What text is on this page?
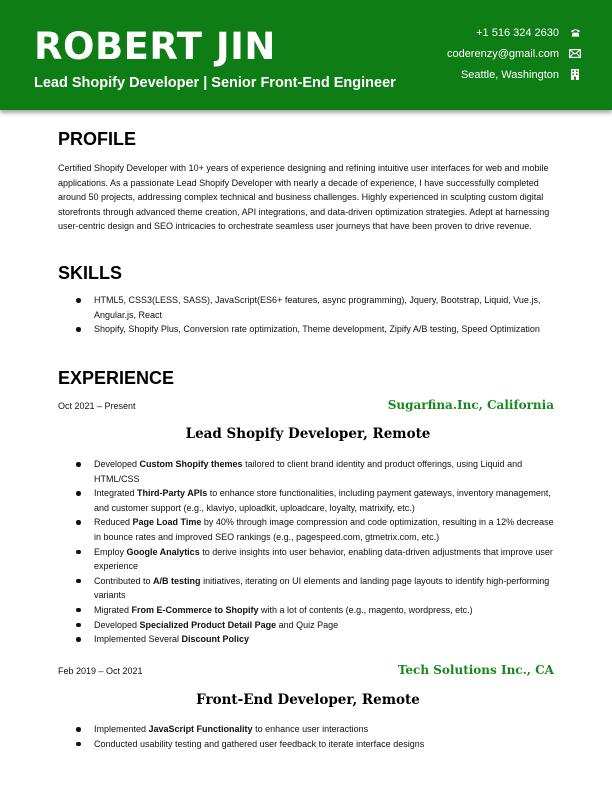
ROBERT JIN

Lead Shopify Developer | Senior Front-End Engineer

+1 516 324 2630
coderenzy@gmail.com
Seattle, Washington
PROFILE

Certified Shopify Developer with 10+ years of experience designing and refining intuitive user interfaces for web and mobile applications. As a passionate Lead Shopify Developer with nearly a decade of experience, I have successfully completed around 50 projects, addressing complex technical and business challenges. Highly experienced in sculpting custom digital storefronts through advanced theme creation, API integrations, and data-driven optimization strategies. Adept at harnessing user-centric design and SEO intricacies to orchestrate seamless user journeys that have been proven to drive revenue.

SKILLS
HTML5, CSS3(LESS, SASS), JavaScript(ES6+ features, async programming), Jquery, Bootstrap, Liquid, Vue.js, Angular.js, React
Shopify, Shopify Plus, Conversion rate optimization, Theme development, Zipify A/B testing, Speed Optimization
EXPERIENCE
Oct 2021 – Present	Sugarfina.Inc, California
Lead Shopify Developer, Remote
Developed Custom Shopify themes tailored to client brand identity and product offerings, using Liquid and HTML/CSS
Integrated Third-Party APIs to enhance store functionalities, including payment gateways, inventory management, and customer support (e.g., klaviyo, uploadkit, uploadcare, loyalty, matrixify, etc.)
Reduced Page Load Time by 40% through image compression and code optimization, resulting in a 12% decrease in bounce rates and improved SEO rankings (e.g., pagespeed.com, gtmetrix.com, etc.)
Employ Google Analytics to derive insights into user behavior, enabling data-driven adjustments that improve user experience
Contributed to A/B testing initiatives, iterating on UI elements and landing page layouts to identify high-performing variants
Migrated From E-Commerce to Shopify with a lot of contents (e.g., magento, wordpress, etc.)
Developed Specialized Product Detail Page and Quiz Page
Implemented Several Discount Policy
Feb 2019 – Oct 2021	Tech Solutions Inc., CA
Front-End Developer, Remote
Implemented JavaScript Functionality to enhance user interactions
Conducted usability testing and gathered user feedback to iterate interface designs
